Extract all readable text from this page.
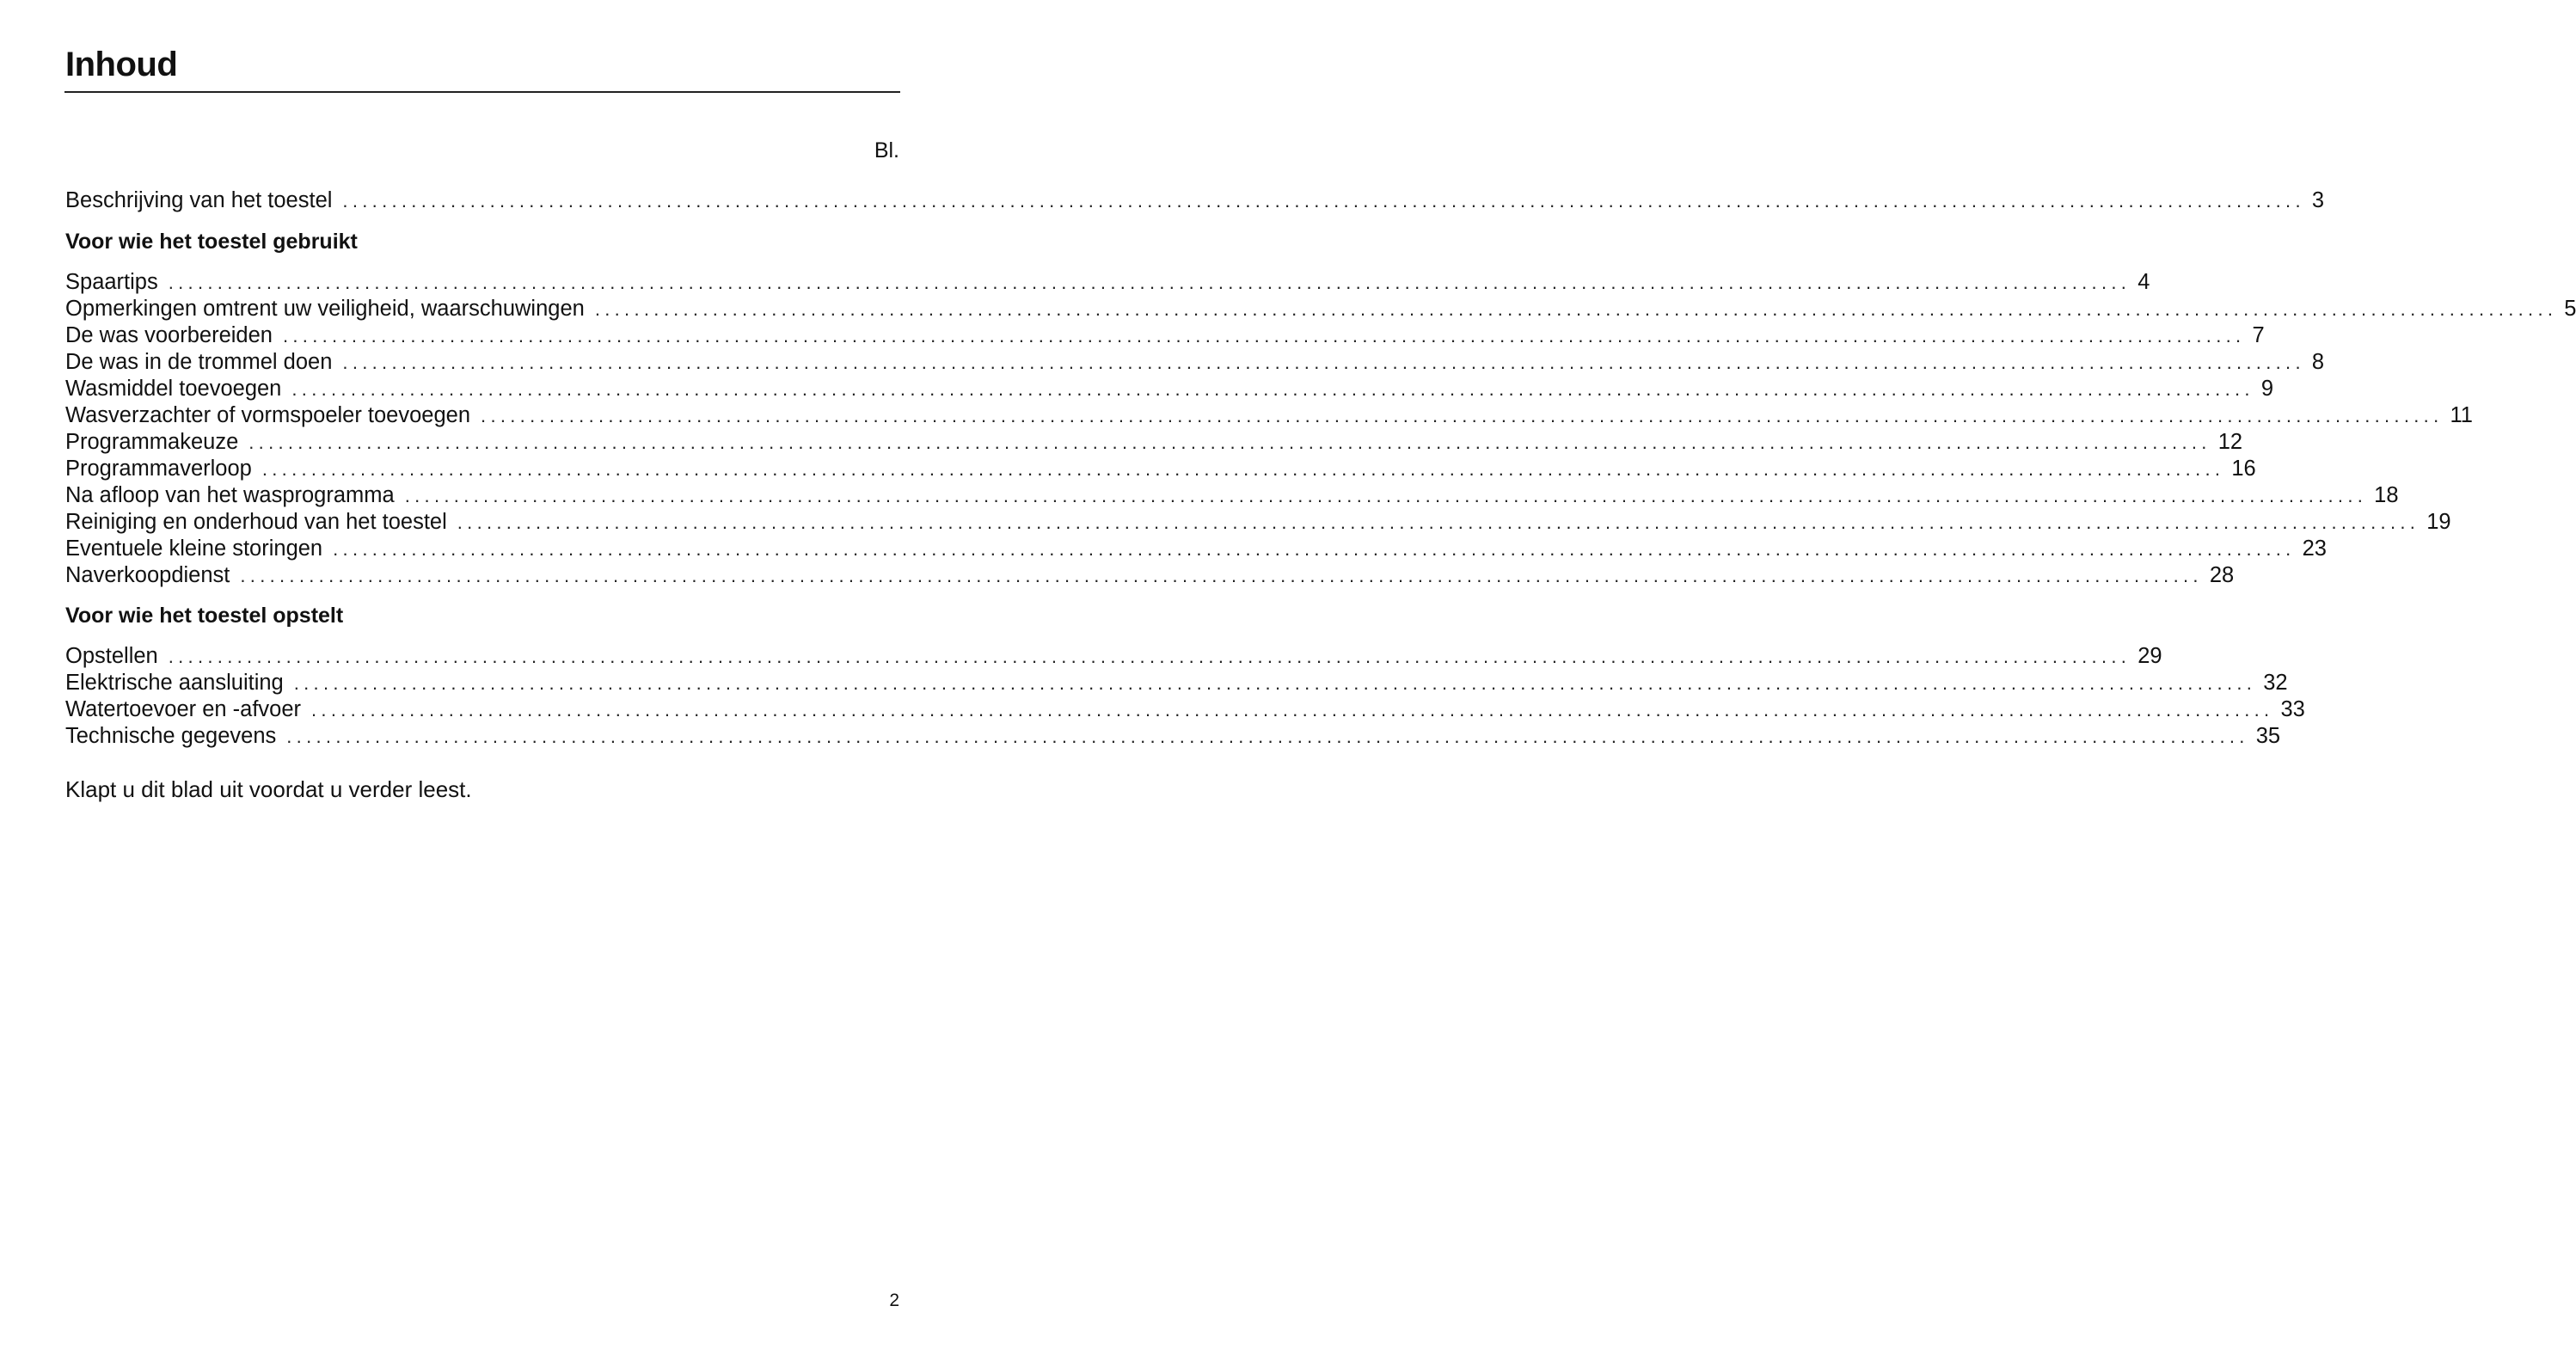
Inhoud
Bl.
Beschrijving van het toestel ........................................................................................................................................................................................................ 3
Voor wie het toestel gebruikt
Spaartips ........................................................................................................................................................................................................ 4
Opmerkingen omtrent uw veiligheid, waarschuwingen ........................................................................................................................................................................................................ 5
De was voorbereiden ........................................................................................................................................................................................................ 7
De was in de trommel doen ........................................................................................................................................................................................................ 8
Wasmiddel toevoegen ........................................................................................................................................................................................................ 9
Wasverzachter of vormspoeler toevoegen ........................................................................................................................................................................................................ 11
Programmakeuze ........................................................................................................................................................................................................ 12
Programmaverloop ........................................................................................................................................................................................................ 16
Na afloop van het wasprogramma ........................................................................................................................................................................................................ 18
Reiniging en onderhoud van het toestel ........................................................................................................................................................................................................ 19
Eventuele kleine storingen ........................................................................................................................................................................................................ 23
Naverkoopdienst ........................................................................................................................................................................................................ 28
Voor wie het toestel opstelt
Opstellen ........................................................................................................................................................................................................ 29
Elektrische aansluiting ........................................................................................................................................................................................................ 32
Watertoevoer en -afvoer ........................................................................................................................................................................................................ 33
Technische gegevens ........................................................................................................................................................................................................ 35
Klapt u dit blad uit voordat u verder leest.
2
